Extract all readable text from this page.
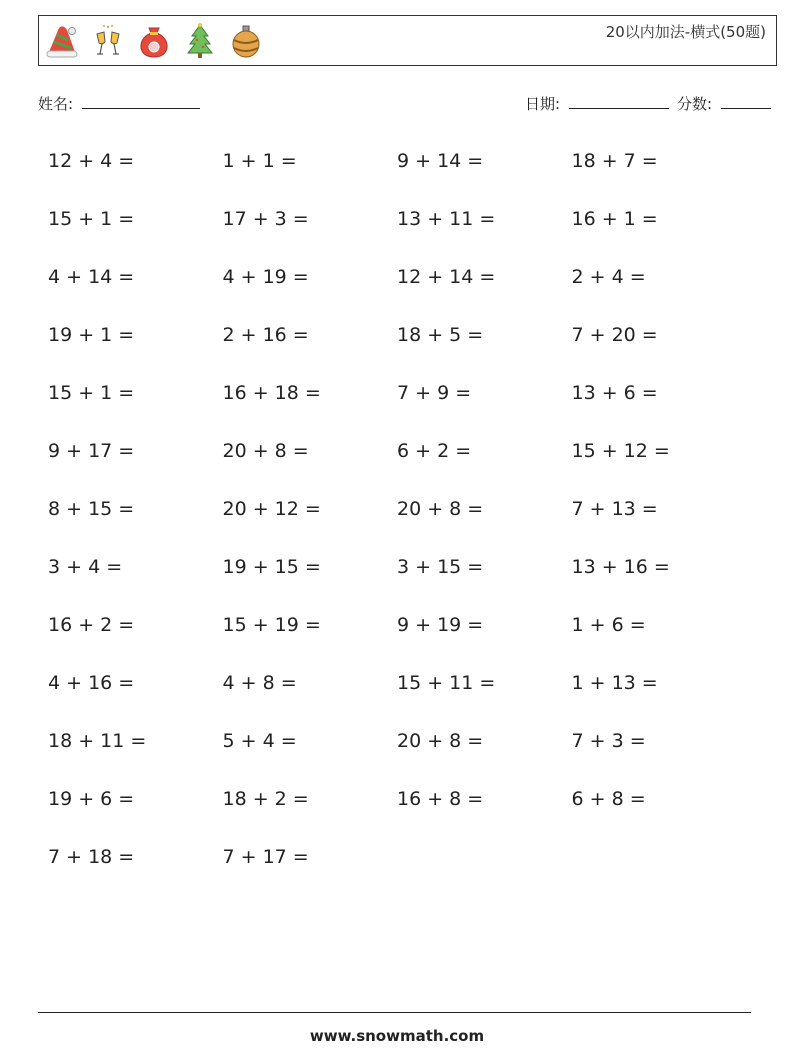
20以内加法-横式(50题)
姓名:	日期:	分数:
12 + 4 =	1 + 1 =	9 + 14 =	18 + 7 =
15 + 1 =	17 + 3 =	13 + 11 =	16 + 1 =
4 + 14 =	4 + 19 =	12 + 14 =	2 + 4 =
19 + 1 =	2 + 16 =	18 + 5 =	7 + 20 =
15 + 1 =	16 + 18 =	7 + 9 =	13 + 6 =
9 + 17 =	20 + 8 =	6 + 2 =	15 + 12 =
8 + 15 =	20 + 12 =	20 + 8 =	7 + 13 =
3 + 4 =	19 + 15 =	3 + 15 =	13 + 16 =
16 + 2 =	15 + 19 =	9 + 19 =	1 + 6 =
4 + 16 =	4 + 8 =	15 + 11 =	1 + 13 =
18 + 11 =	5 + 4 =	20 + 8 =	7 + 3 =
19 + 6 =	18 + 2 =	16 + 8 =	6 + 8 =
7 + 18 =	7 + 17 =
www.snowmath.com
